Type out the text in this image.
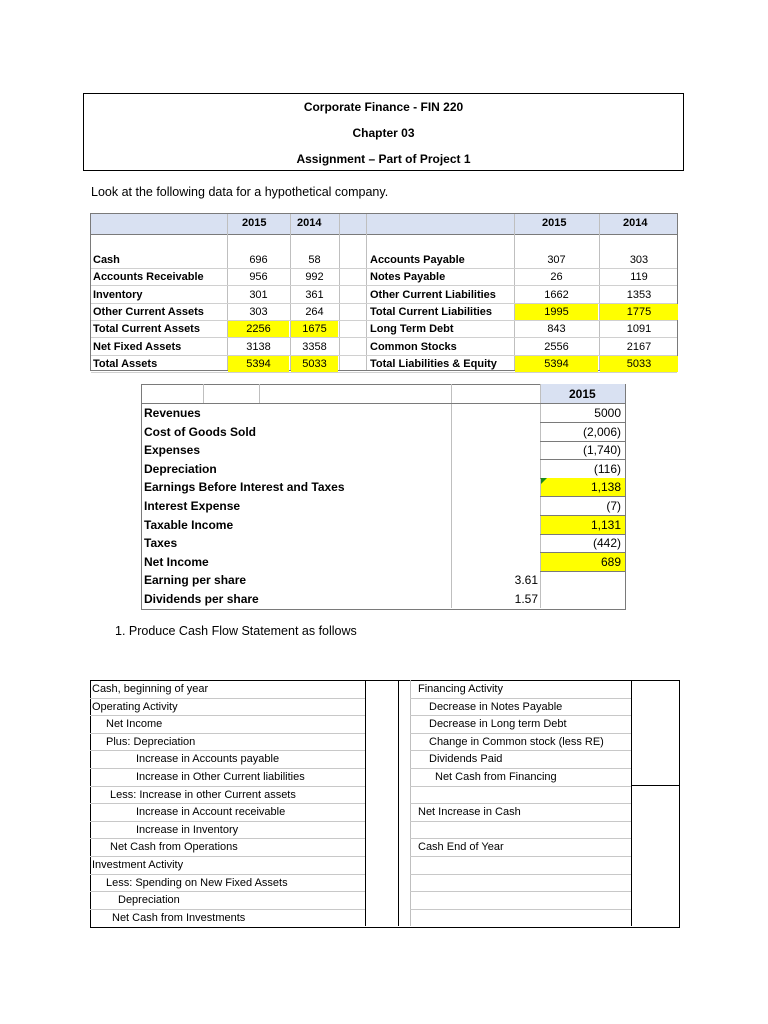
Corporate Finance - FIN 220
Chapter 03
Assignment – Part of Project 1
Look at the following data for a hypothetical company.
2015	2014	2015	2014
Cash	696	58	Accounts Payable	307	303
Accounts Receivable	956	992	Notes Payable	26	119
Inventory	301	361	Other Current Liabilities	1662	1353
Other Current Assets	303	264	Total Current Liabilities	1995	1775
Total Current Assets	2256	1675	Long Term Debt	843	1091
Net Fixed Assets	3138	3358	Common Stocks	2556	2167
Total Assets	5394	5033	Total Liabilities & Equity	5394	5033
2015
Revenues	5000
Cost of Goods Sold	(2,006)
Expenses	(1,740)
Depreciation	(116)
Earnings Before Interest and Taxes	1,138
Interest Expense	(7)
Taxable Income	1,131
Taxes	(442)
Net Income	689
Earning per share	3.61
Dividends per share	1.57
1. Produce Cash Flow Statement as follows
Cash, beginning of year	Financing Activity
Operating Activity	Decrease in Notes Payable
Net Income	Decrease in Long term Debt
Plus: Depreciation	Change in Common stock (less RE)
Increase in Accounts payable	Dividends Paid
Increase in Other Current liabilities	Net Cash from Financing
Less: Increase in other Current assets
Increase in Account receivable	Net Increase in Cash
Increase in Inventory
Net Cash from Operations	Cash End of Year
Investment Activity
Less: Spending on New Fixed Assets
Depreciation
Net Cash from Investments
